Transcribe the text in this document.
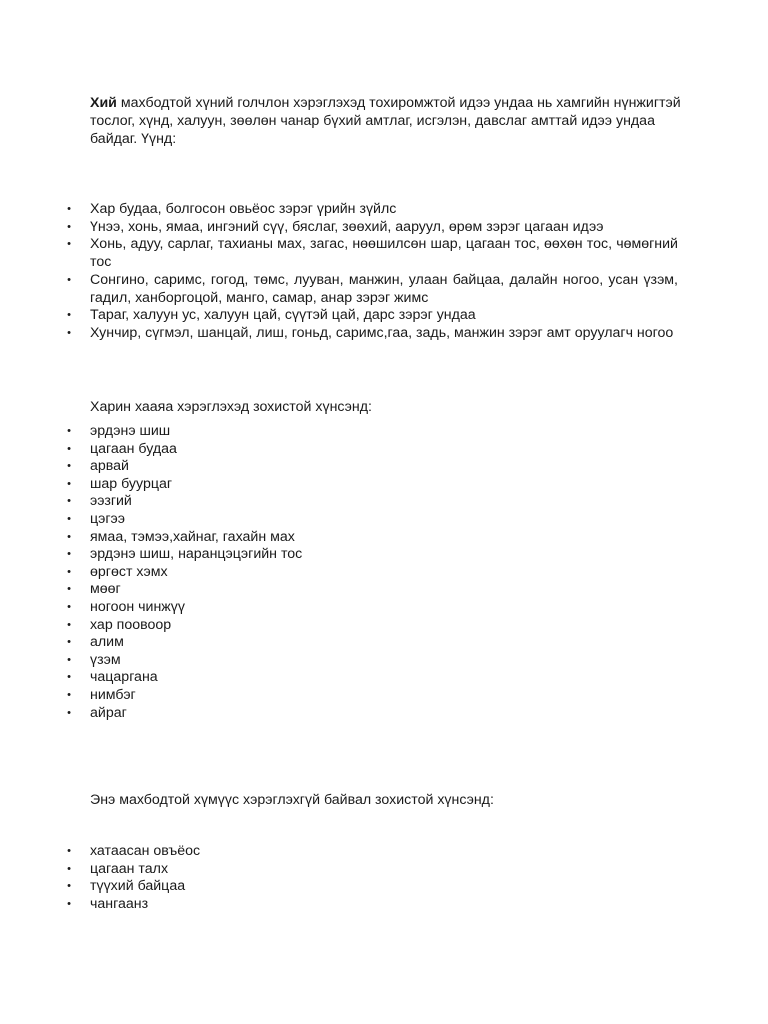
Хий махбодтой хүний голчлон хэрэглэхэд тохиромжтой идээ ундаа нь хамгийн нүнжигтэй тослог, хүнд, халуун, зөөлөн чанар бүхий амтлаг, исгэлэн, давслаг амттай идээ ундаа байдаг. Үүнд:

• Хар будаа, болгосон овьёос зэрэг үрийн зүйлс
• Үнээ, хонь, ямаа, ингэний сүү, бяслаг, зөөхий, ааруул, өрөм зэрэг цагаан идээ
• Хонь, адуу, сарлаг, тахианы мах, загас, нөөшилсөн шар, цагаан тос, өөхөн тос, чөмөгний тос
• Сонгино, саримс, гогод, төмс, лууван, манжин, улаан байцаа, далайн ногоо, усан үзэм, гадил, ханборгоцой, манго, самар, анар зэрэг жимс
• Тараг, халуун ус, халуун цай, сүүтэй цай, дарс зэрэг ундаа
• Хунчир, сүгмэл, шанцай, лиш, гоньд, саримс,гаа, задь, манжин зэрэг амт оруулагч ногоо

Харин хааяа хэрэглэхэд зохистой хүнсэнд:

• эрдэнэ шиш
• цагаан будаа
• арвай
• шар буурцаг
• ээзгий
• цэгээ
• ямаа, тэмээ,хайнаг, гахайн мах
• эрдэнэ шиш, наранцэцэгийн тос
• өргөст хэмх
• мөөг
• ногоон чинжүү
• хар поовоор
• алим
• үзэм
• чацаргана
• нимбэг
• айраг

Энэ махбодтой хүмүүс хэрэглэхгүй байвал зохистой хүнсэнд:

• хатаасан овъёос
• цагаан талх
• түүхий байцаа
• чангаанз
